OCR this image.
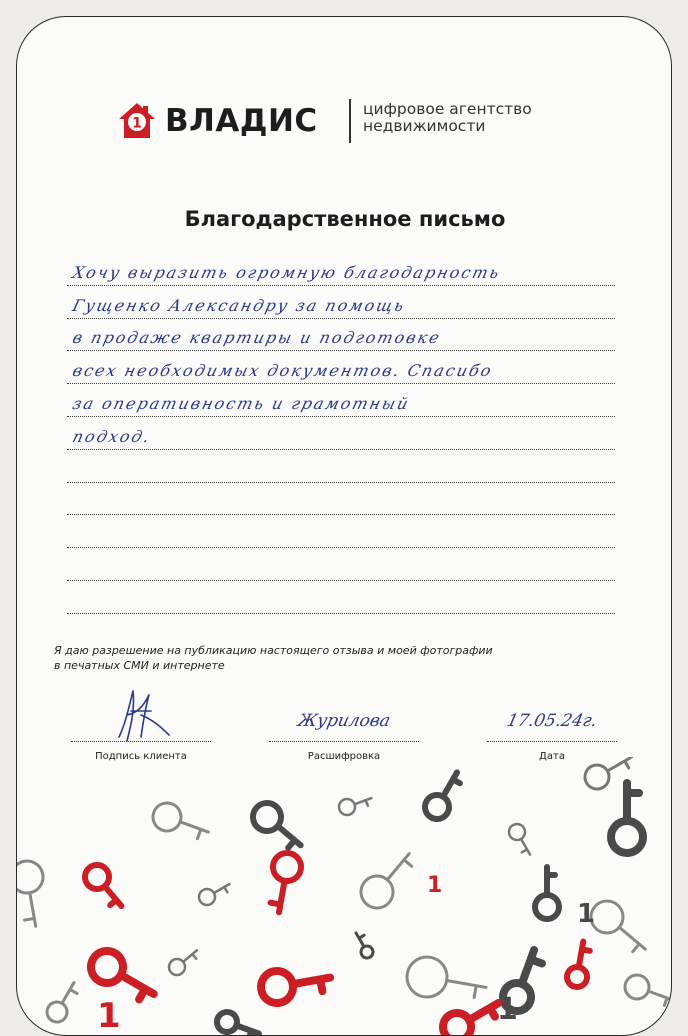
1 ВЛАДИС	цифровое агентство
недвижимости
Благодарственное письмо
Хочу выразить огромную благодарность
Гущенко Александру за помощь
в продаже квартиры и подготовке
всех необходимых документов. Спасибо
за оперативность и грамотный
подход.
Я даю разрешение на публикацию настоящего отзыва и моей фотографии
в печатных СМИ и интернете
Подпись клиента
Журилова
Расшифровка
17.05.24г.
Дата
1
1
1	1
